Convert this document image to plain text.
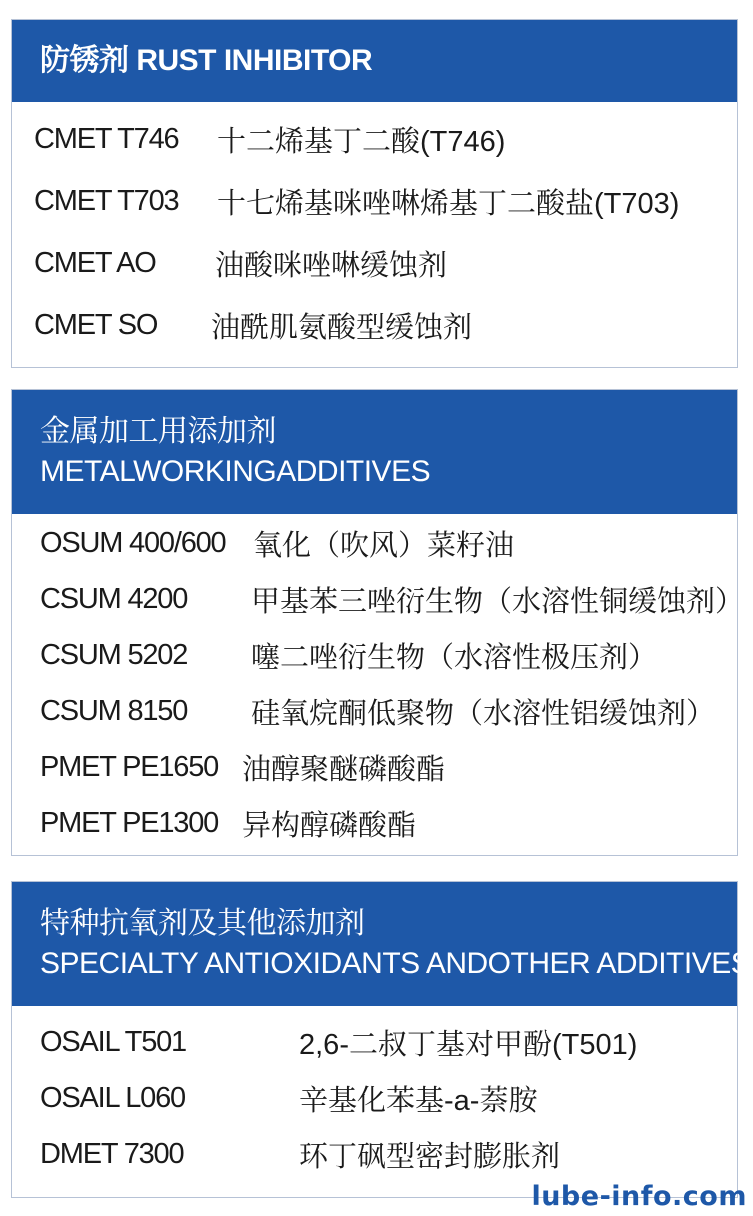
防锈剂 RUST INHIBITOR
CMET T746 十二烯基丁二酸(T746)
CMET T703 十七烯基咪唑啉烯基丁二酸盐(T703)
CMET AO 油酸咪唑啉缓蚀剂
CMET SO 油酰肌氨酸型缓蚀剂
金属加工用添加剂
METALWORKINGADDITIVES
OSUM 400/600 氧化（吹风）菜籽油
CSUM 4200 甲基苯三唑衍生物（水溶性铜缓蚀剂）
CSUM 5202 噻二唑衍生物（水溶性极压剂）
CSUM 8150 硅氧烷酮低聚物（水溶性铝缓蚀剂）
PMET PE1650 油醇聚醚磷酸酯
PMET PE1300 异构醇磷酸酯
特种抗氧剂及其他添加剂
SPECIALTY ANTIOXIDANTS ANDOTHER ADDITIVES
OSAIL T501	2,6-二叔丁基对甲酚(T501)
OSAIL L060	辛基化苯基-a-萘胺
DMET 7300	环丁砜型密封膨胀剂
lube-info.com
